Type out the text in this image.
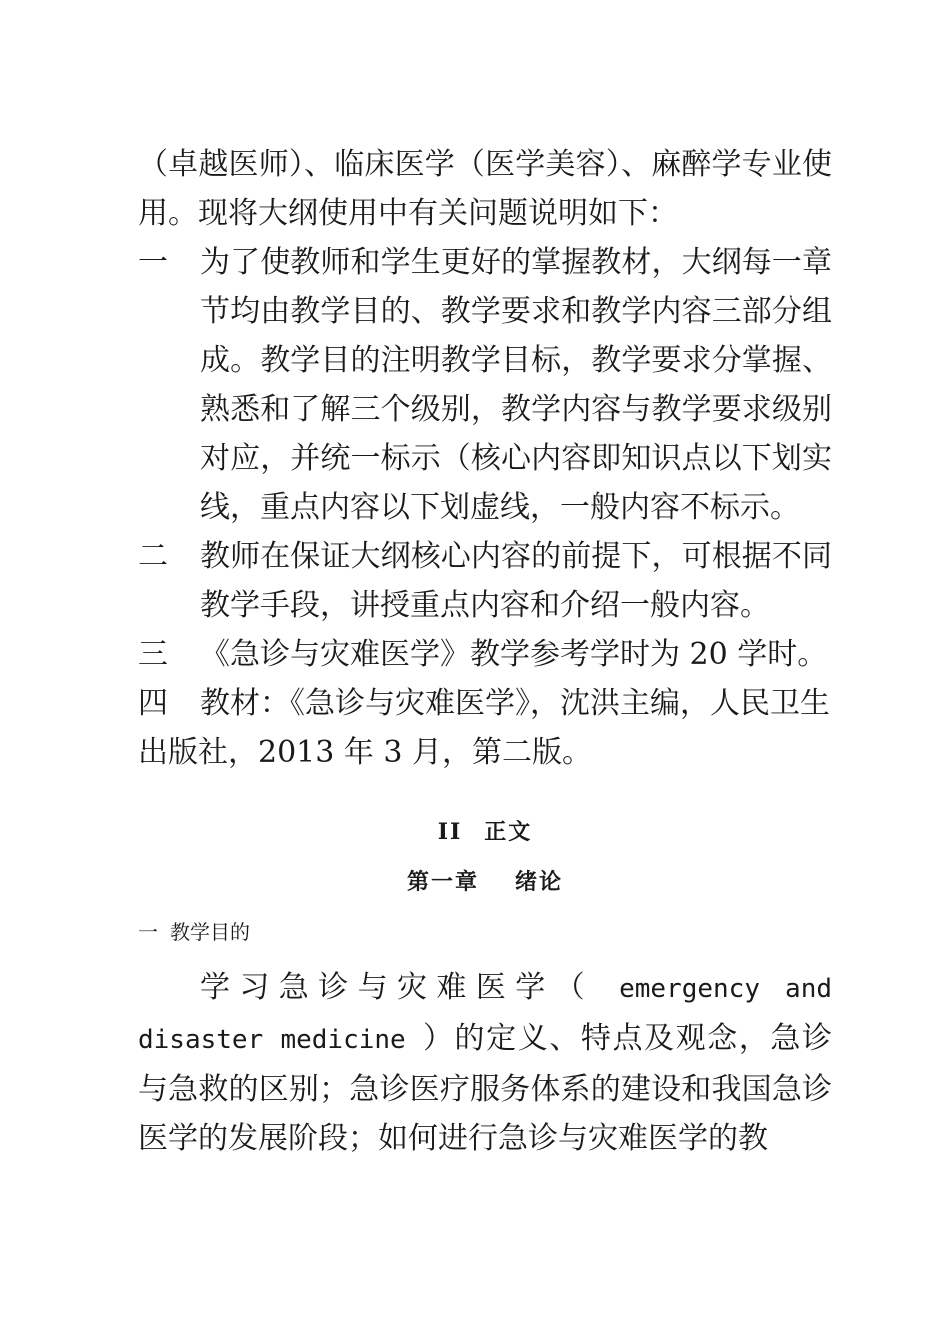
（卓越医师）、临床医学（医学美容）、麻醉学专业使用。现将大纲使用中有关问题说明如下：

一	为了使教师和学生更好的掌握教材，大纲每一章节均由教学目的、教学要求和教学内容三部分组成。教学目的注明教学目标，教学要求分掌握、熟悉和了解三个级别，教学内容与教学要求级别对应，并统一标示（核心内容即知识点以下划实线，重点内容以下划虚线，一般内容不标示。
二	教师在保证大纲核心内容的前提下，可根据不同教学手段，讲授重点内容和介绍一般内容。
三	《急诊与灾难医学》教学参考学时为 20 学时。
四 教材：《急诊与灾难医学》，沈洪主编，人民卫生出版社，2013 年 3 月，第二版。
II 正文
第一章 绪论
一 教学目的

学习急诊与灾难医学（ emergency and disaster medicine ）的定义、特点及观念，急诊与急救的区别；急诊医疗服务体系的建设和我国急诊医学的发展阶段；如何进行急诊与灾难医学的教
